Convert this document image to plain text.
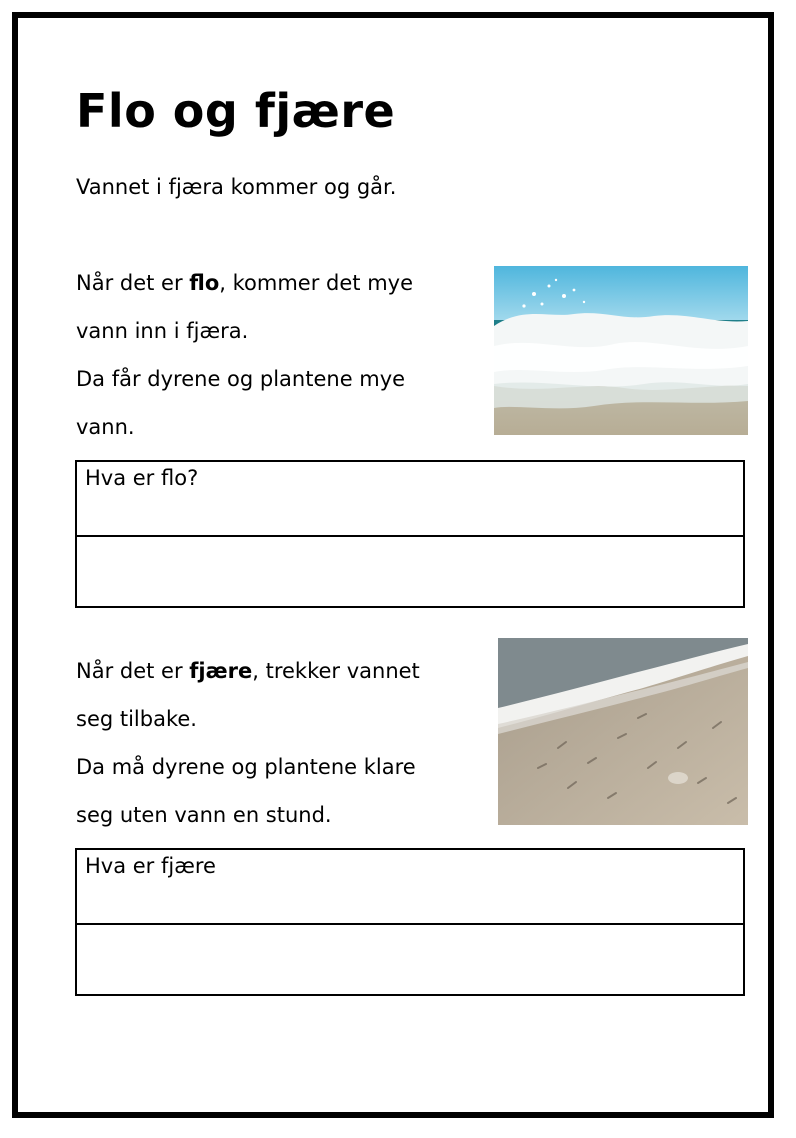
Flo og fjære

Vannet i fjæra kommer og går.

Når det er flo, kommer det mye
vann inn i fjæra.
Da får dyrene og plantene mye
vann.
Hva er flo?
Når det er fjære, trekker vannet
seg tilbake.
Da må dyrene og plantene klare
seg uten vann en stund.
Hva er fjære
